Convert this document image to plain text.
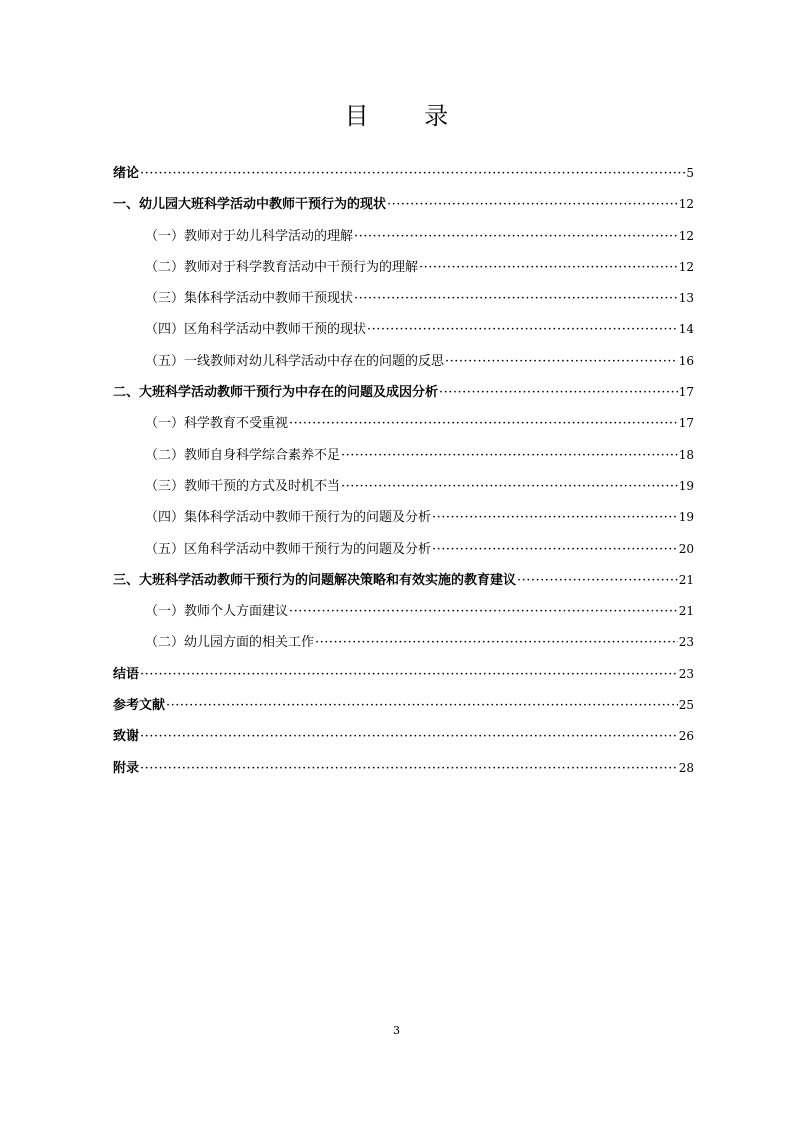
目 录
绪论 ·····	5
一、幼儿园大班科学活动中教师干预行为的现状 ·····	12
（一）教师对于幼儿科学活动的理解 ·····	12
（二）教师对于科学教育活动中干预行为的理解 ·····	12
（三）集体科学活动中教师干预现状 ·····	13
（四）区角科学活动中教师干预的现状 ·····	14
（五）一线教师对幼儿科学活动中存在的问题的反思 ·····	16
二、大班科学活动教师干预行为中存在的问题及成因分析 ·····	17
（一）科学教育不受重视 ·····	17
（二）教师自身科学综合素养不足 ·····	18
（三）教师干预的方式及时机不当 ·····	19
（四）集体科学活动中教师干预行为的问题及分析 ·····	19
（五）区角科学活动中教师干预行为的问题及分析 ·····	20
三、大班科学活动教师干预行为的问题解决策略和有效实施的教育建议 ·····	21
（一）教师个人方面建议 ·····	21
（二）幼儿园方面的相关工作 ·····	23
结语 ·····	23
参考文献 ·····	25
致谢 ·····	26
附录 ·····	28
3
